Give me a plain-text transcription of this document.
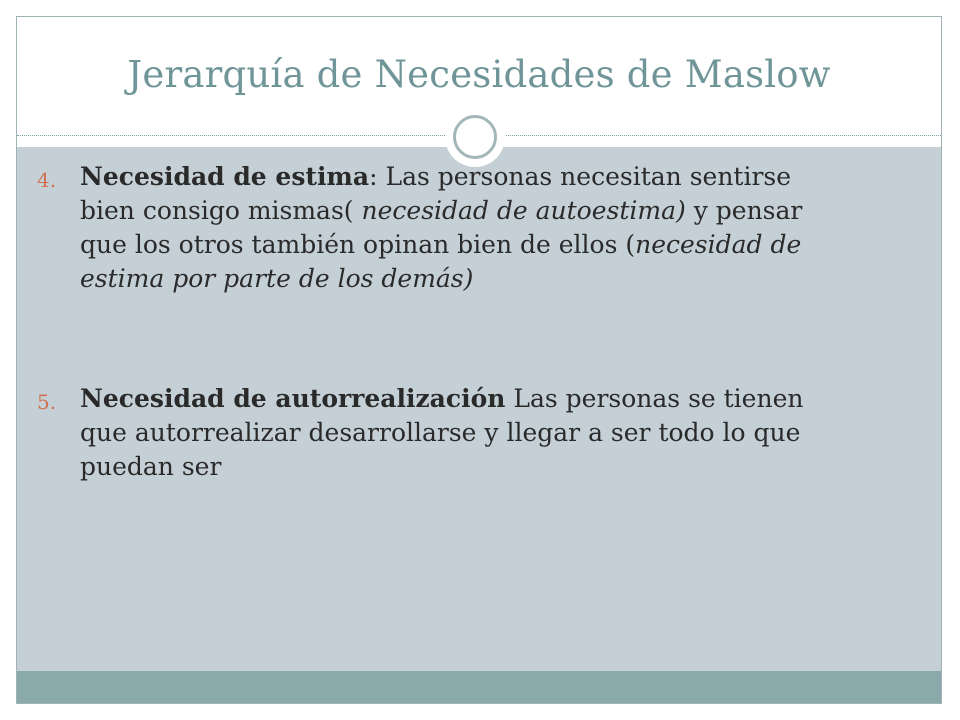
Jerarquía de Necesidades de Maslow
4. Necesidad de estima: Las personas necesitan sentirse bien consigo mismas( necesidad de autoestima) y pensar que los otros también opinan bien de ellos (necesidad de estima por parte de los demás)
5. Necesidad de autorrealización Las personas se tienen que autorrealizar desarrollarse y llegar a ser todo lo que puedan ser
